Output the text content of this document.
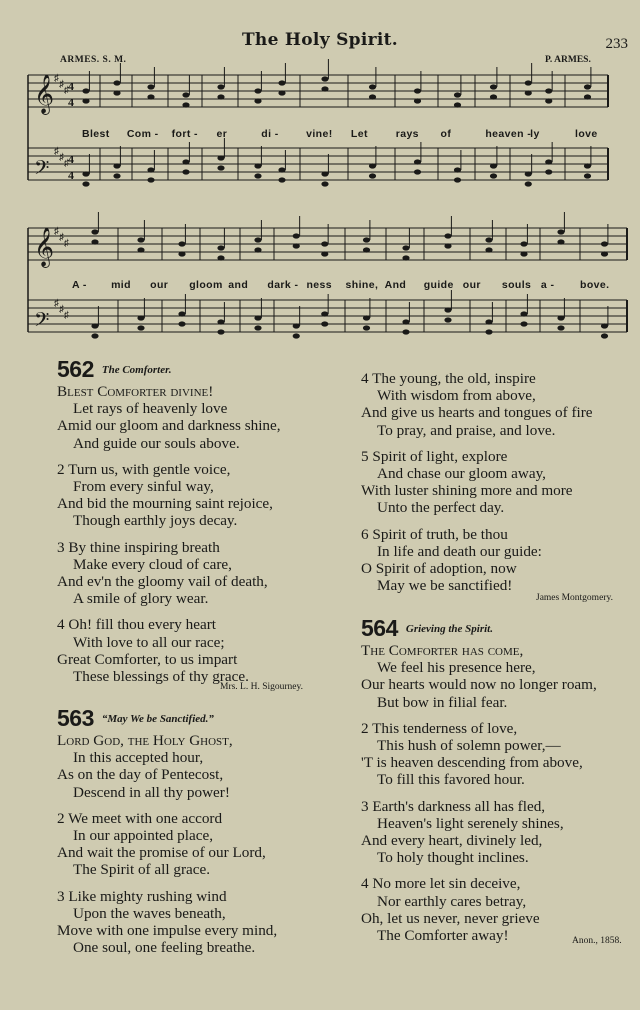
The Holy Spirit.	233
ARMES. S. M.	P. ARMES.
𝄞 ♯
♯
♯ 4
4
𝄢
♯
♯
♯ 4
4
𝄞 ♯
♯
♯
𝄢
♯
♯
♯
Blest Com - fort - er	di -	vine! Let	rays of	heaven - ly	love
A - mid our gloom and dark - ness shine, And guide our souls a - bove.
562 $^{The Comforter.}$
Blest Comforter divine!
Let rays of heavenly love
Amid our gloom and darkness shine,
And guide our souls above.
2 Turn us, with gentle voice,
From every sinful way,
And bid the mourning saint rejoice,
Though earthly joys decay.
3 By thine inspiring breath
Make every cloud of care,
And ev'n the gloomy vail of death,
A smile of glory wear.
4 Oh! fill thou every heart
With love to all our race;
Great Comforter, to us impart
These blessings of thy grace.
Mrs. L. H. Sigourney.
563 $^{“May We be Sanctified.”}$
Lord God, the Holy Ghost,
In this accepted hour,
As on the day of Pentecost,
Descend in all thy power!
2 We meet with one accord
In our appointed place,
And wait the promise of our Lord,
The Spirit of all grace.
3 Like mighty rushing wind
Upon the waves beneath,
Move with one impulse every mind,
One soul, one feeling breathe.
4 The young, the old, inspire
With wisdom from above,
And give us hearts and tongues of fire
To pray, and praise, and love.
5 Spirit of light, explore
And chase our gloom away,
With luster shining more and more
Unto the perfect day.
6 Spirit of truth, be thou
In life and death our guide:
O Spirit of adoption, now
May we be sanctified!
James Montgomery.
564 $^{Grieving the Spirit.}$
The Comforter has come,
We feel his presence here,
Our hearts would now no longer roam,
But bow in filial fear.
2 This tenderness of love,
This hush of solemn power,—
'T is heaven descending from above,
To fill this favored hour.
3 Earth's darkness all has fled,
Heaven's light serenely shines,
And every heart, divinely led,
To holy thought inclines.
4 No more let sin deceive,
Nor earthly cares betray,
Oh, let us never, never grieve
The Comforter away!	Anon., 1858.
